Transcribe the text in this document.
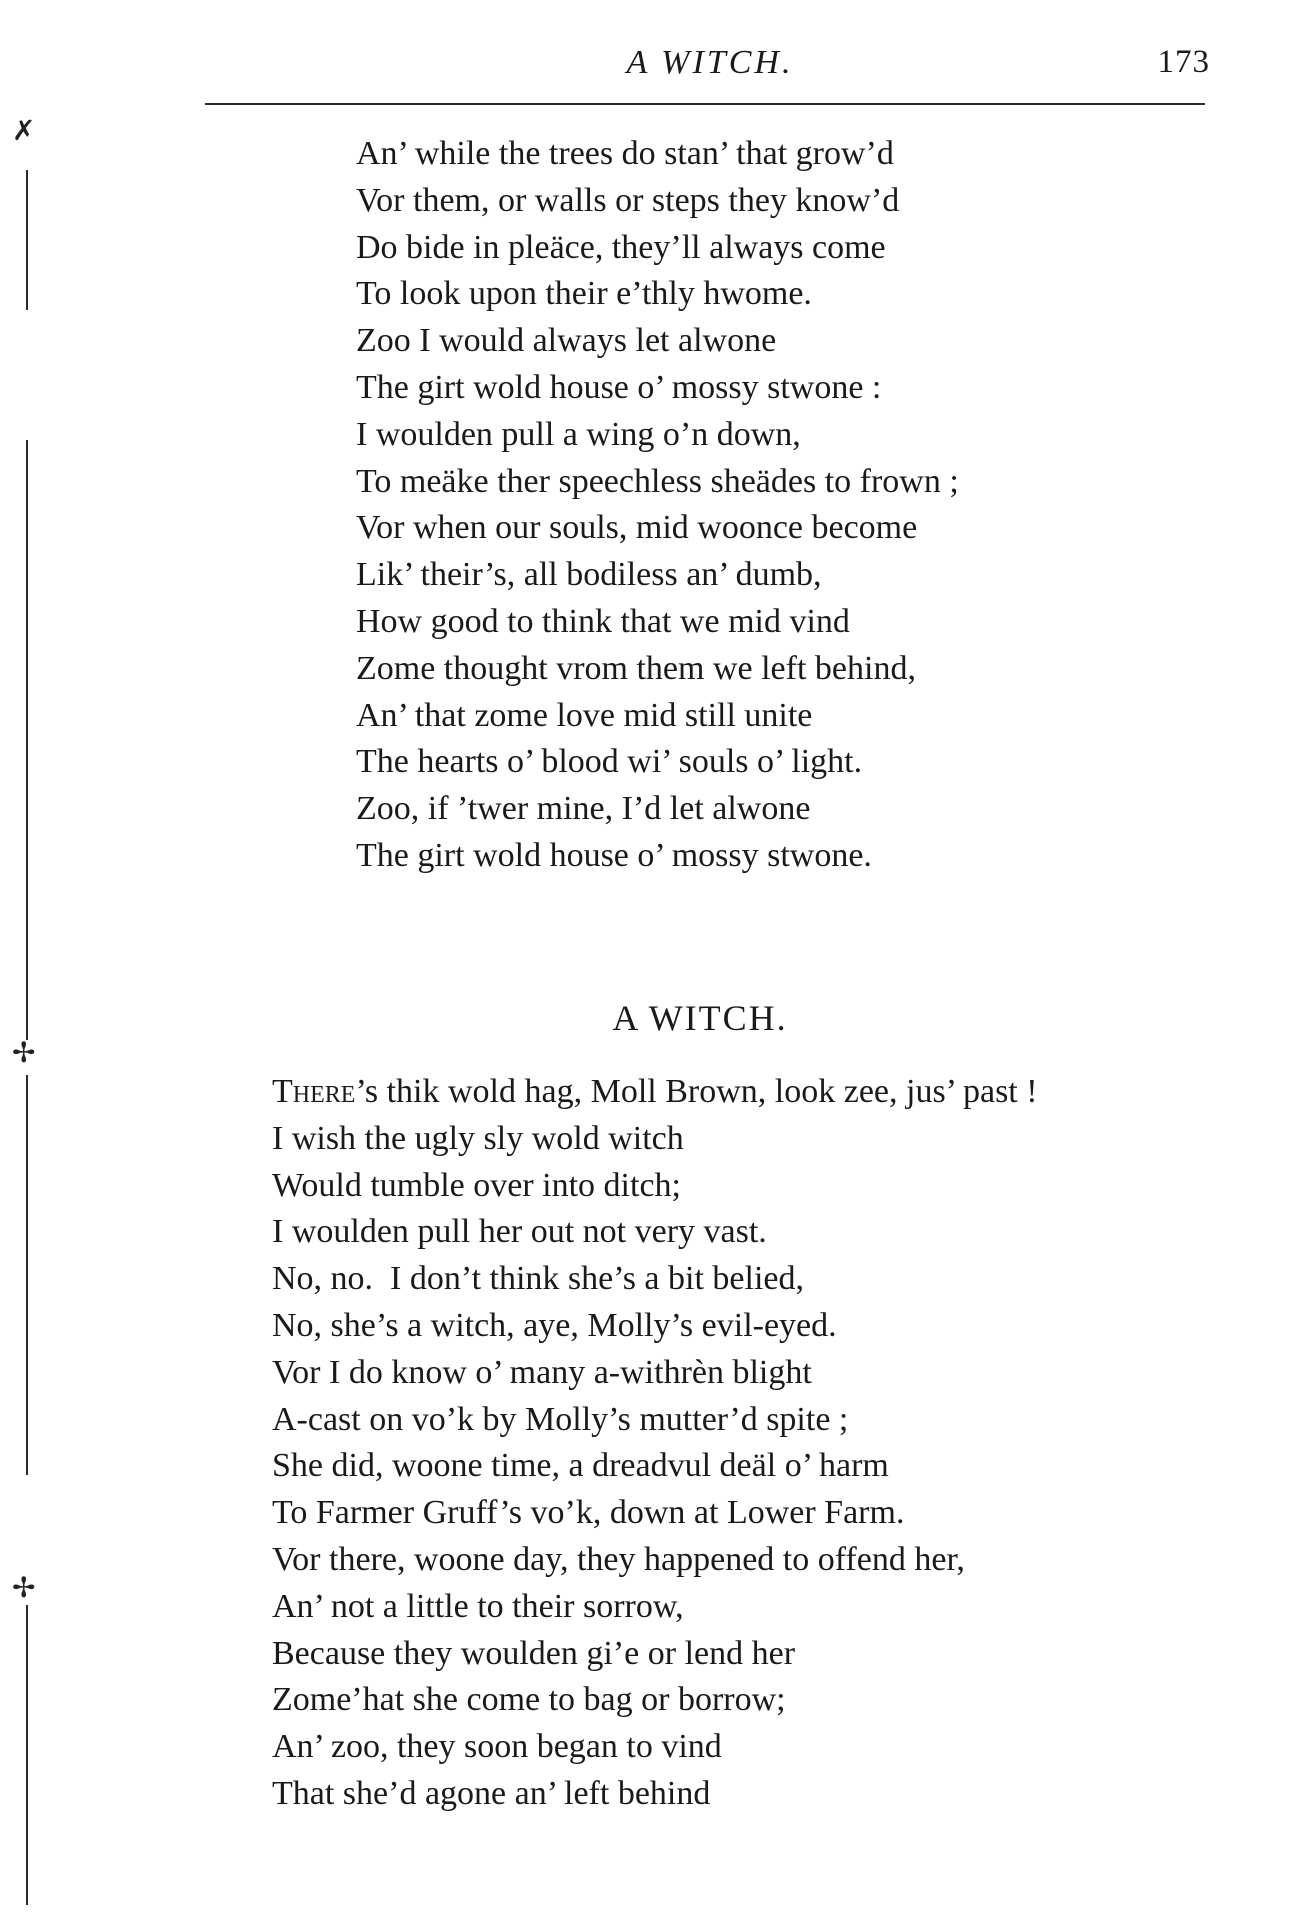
A WITCH.	173
✗
✢
✢
An’ while the trees do stan’ that grow’d
Vor them, or walls or steps they know’d
Do bide in pleäce, they’ll always come
To look upon their e’thly hwome.
Zoo I would always let alwone
The girt wold house o’ mossy stwone :
I woulden pull a wing o’n down,
To meäke ther speechless sheädes to frown ;
Vor when our souls, mid woonce become
Lik’ their’s, all bodiless an’ dumb,
How good to think that we mid vind
Zome thought vrom them we left behind,
An’ that zome love mid still unite
The hearts o’ blood wi’ souls o’ light.
Zoo, if ’twer mine, I’d let alwone
The girt wold house o’ mossy stwone.
A WITCH.
There’s thik wold hag, Moll Brown, look zee, jus’ past !
I wish the ugly sly wold witch
Would tumble over into ditch;
I woulden pull her out not very vast.
No, no.  I don’t think she’s a bit belied,
No, she’s a witch, aye, Molly’s evil-eyed.
Vor I do know o’ many a-withrèn blight
A-cast on vo’k by Molly’s mutter’d spite ;
She did, woone time, a dreadvul deäl o’ harm
To Farmer Gruff’s vo’k, down at Lower Farm.
Vor there, woone day, they happened to offend her,
An’ not a little to their sorrow,
Because they woulden gi’e or lend her
Zome’hat she come to bag or borrow;
An’ zoo, they soon began to vind
That she’d agone an’ left behind
